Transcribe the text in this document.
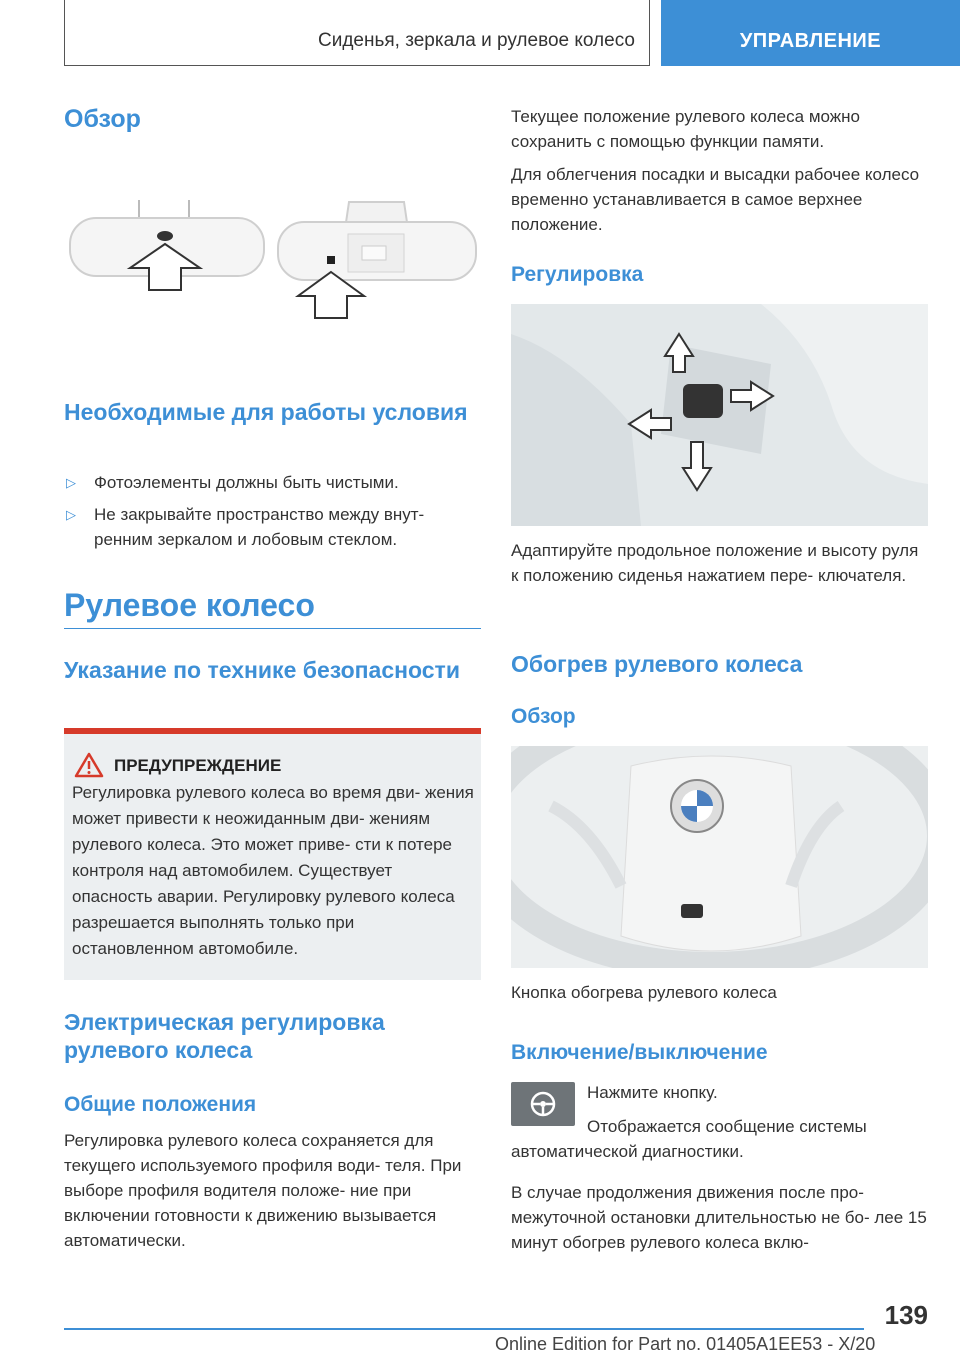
Сиденья, зеркала и рулевое колесо	УПРАВЛЕНИЕ
Обзор
Необходимые для работы условия
▷ Фотоэлементы должны быть чистыми.
▷ Не закрывайте пространство между внут- ренним зеркалом и лобовым стеклом.
Рулевое колесо
Указание по технике безопасности
ПРЕДУПРЕЖДЕНИЕ
Регулировка рулевого колеса во время дви- жения может привести к неожиданным дви- жениям рулевого колеса. Это может приве- сти к потере контроля над автомобилем. Существует опасность аварии. Регулировку рулевого колеса разрешается выполнять только при остановленном автомобиле.
Электрическая регулировка рулевого колеса
Общие положения
Регулировка рулевого колеса сохраняется для текущего используемого профиля води- теля. При выборе профиля водителя положе- ние при включении готовности к движению вызывается автоматически.
Текущее положение рулевого колеса можно сохранить с помощью функции памяти.
Для облегчения посадки и высадки рабочее колесо временно устанавливается в самое верхнее положение.
Регулировка
Адаптируйте продольное положение и высоту руля к положению сиденья нажатием пере- ключателя.
Обогрев рулевого колеса
Обзор
Кнопка обогрева рулевого колеса
Включение/выключение
Нажмите кнопку.
Отображается сообщение системы автоматической диагностики.
В случае продолжения движения после про- межуточной остановки длительностью не бо- лее 15 минут обогрев рулевого колеса вклю-
139
Online Edition for Part no. 01405A1EE53 - X/20
